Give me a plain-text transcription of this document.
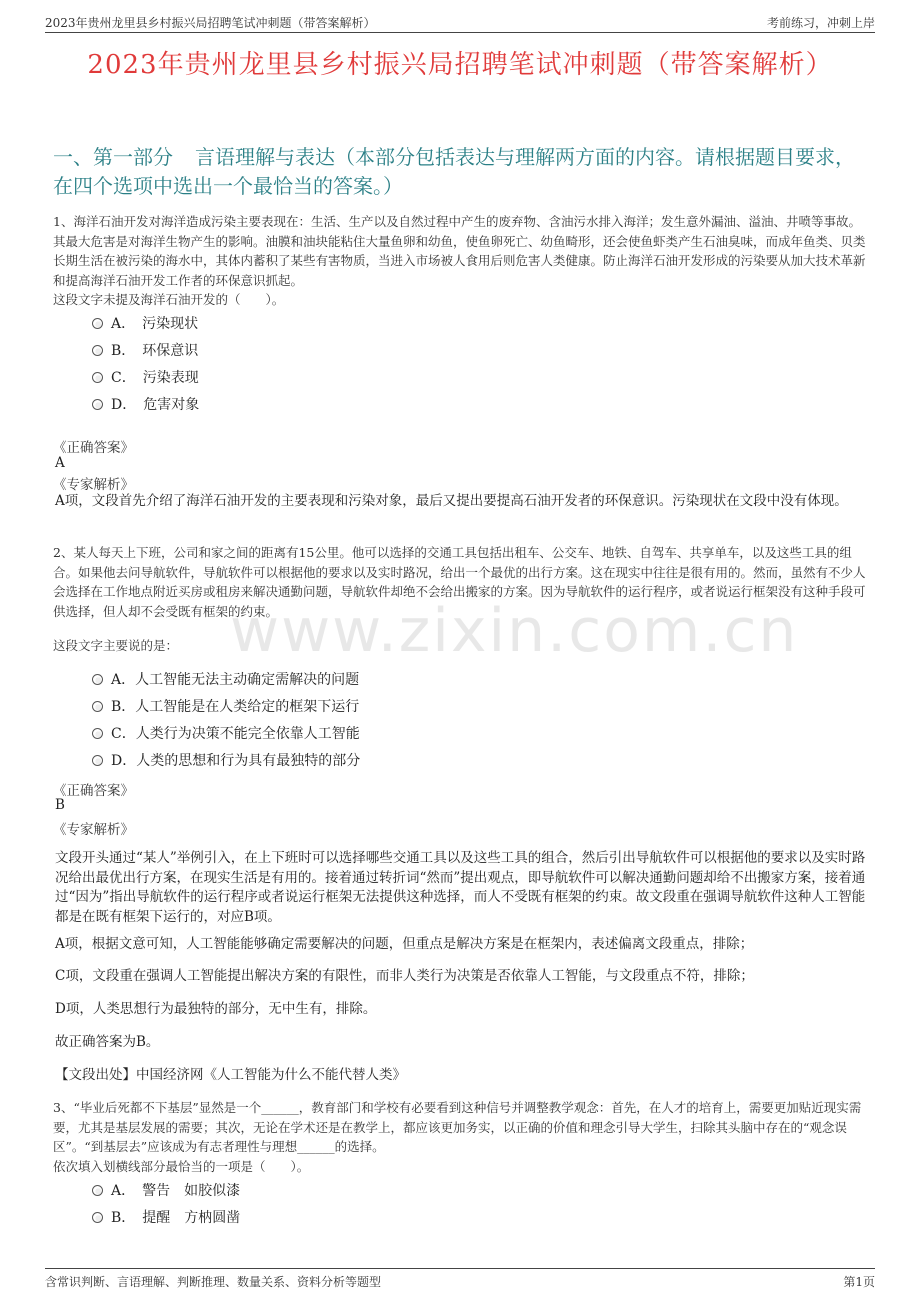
2023年贵州龙里县乡村振兴局招聘笔试冲刺题（带答案解析）	考前练习，冲刺上岸
2023年贵州龙里县乡村振兴局招聘笔试冲刺题（带答案解析）
一、第一部分 言语理解与表达（本部分包括表达与理解两方面的内容。请根据题目要求，在四个选项中选出一个最恰当的答案。）
www.zixin.com.cn
1、海洋石油开发对海洋造成污染主要表现在：生活、生产以及自然过程中产生的废弃物、含油污水排入海洋；发生意外漏油、溢油、井喷等事故。其最大危害是对海洋生物产生的影响。油膜和油块能粘住大量鱼卵和幼鱼，使鱼卵死亡、幼鱼畸形，还会使鱼虾类产生石油臭味，而成年鱼类、贝类长期生活在被污染的海水中，其体内蓄积了某些有害物质，当进入市场被人食用后则危害人类健康。防止海洋石油开发形成的污染要从加大技术革新和提高海洋石油开发工作者的环保意识抓起。
这段文字未提及海洋石油开发的（　　）。
A．　污染现状
B．　环保意识
C．　污染表现
D．　危害对象
《正确答案》
A
《专家解析》
A项，文段首先介绍了海洋石油开发的主要表现和污染对象，最后又提出要提高石油开发者的环保意识。污染现状在文段中没有体现。
2、某人每天上下班，公司和家之间的距离有15公里。他可以选择的交通工具包括出租车、公交车、地铁、自驾车、共享单车，以及这些工具的组合。如果他去问导航软件，导航软件可以根据他的要求以及实时路况，给出一个最优的出行方案。这在现实中往往是很有用的。然而，虽然有不少人会选择在工作地点附近买房或租房来解决通勤问题，导航软件却绝不会给出搬家的方案。因为导航软件的运行程序，或者说运行框架没有这种手段可供选择，但人却不会受既有框架的约束。
这段文字主要说的是：
A．人工智能无法主动确定需解决的问题
B．人工智能是在人类给定的框架下运行
C．人类行为决策不能完全依靠人工智能
D．人类的思想和行为具有最独特的部分
《正确答案》
B
《专家解析》
文段开头通过“某人”举例引入，在上下班时可以选择哪些交通工具以及这些工具的组合，然后引出导航软件可以根据他的要求以及实时路况给出最优出行方案，在现实生活是有用的。接着通过转折词“然而”提出观点，即导航软件可以解决通勤问题却给不出搬家方案，接着通过“因为”指出导航软件的运行程序或者说运行框架无法提供这种选择，而人不受既有框架的约束。故文段重在强调导航软件这种人工智能都是在既有框架下运行的，对应B项。
A项，根据文意可知，人工智能能够确定需要解决的问题，但重点是解决方案是在框架内，表述偏离文段重点，排除；
C项，文段重在强调人工智能提出解决方案的有限性，而非人类行为决策是否依靠人工智能，与文段重点不符，排除；
D项，人类思想行为最独特的部分，无中生有，排除。
故正确答案为B。
【文段出处】中国经济网《人工智能为什么不能代替人类》
3、“毕业后死都不下基层”显然是一个______，教育部门和学校有必要看到这种信号并调整教学观念：首先，在人才的培育上，需要更加贴近现实需要，尤其是基层发展的需要；其次，无论在学术还是在教学上，都应该更加务实，以正确的价值和理念引导大学生，扫除其头脑中存在的“观念误区”。“到基层去”应该成为有志者理性与理想______的选择。
依次填入划横线部分最恰当的一项是（　　）。
A．　警告　如胶似漆
B．　提醒　方枘圆凿
含常识判断、言语理解、判断推理、数量关系、资料分析等题型	第1页
